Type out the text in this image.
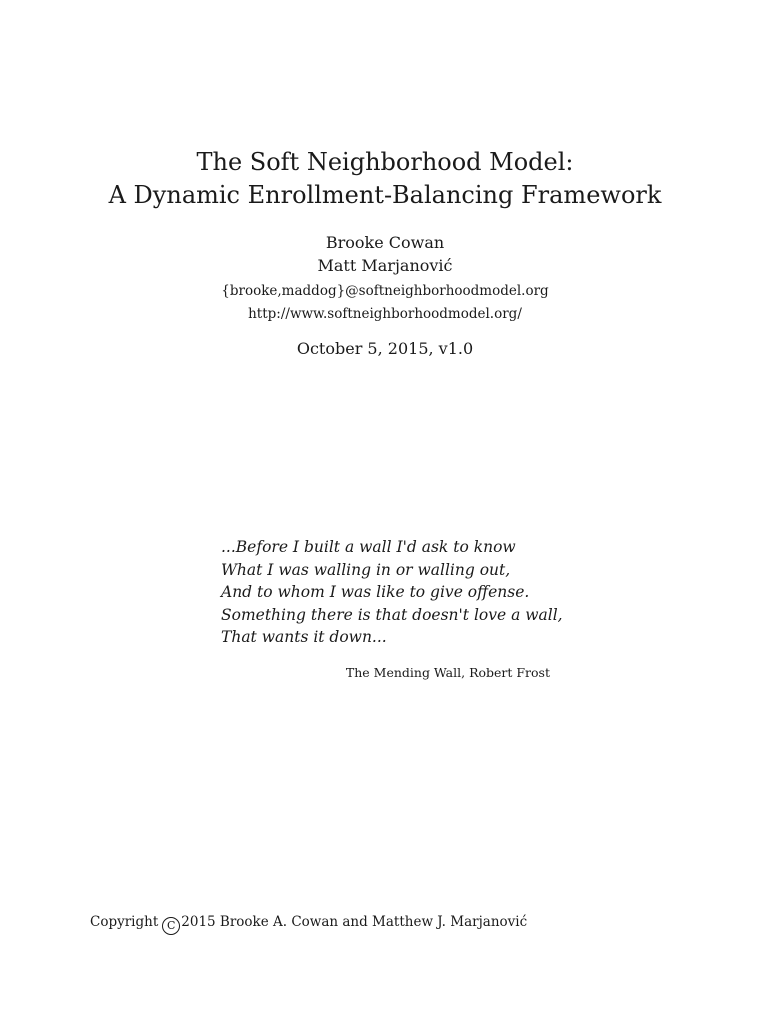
The Soft Neighborhood Model:
A Dynamic Enrollment-Balancing Framework
Brooke Cowan
Matt Marjanović
{brooke,maddog}@softneighborhoodmodel.org
http://www.softneighborhoodmodel.org/
October 5, 2015, v1.0
...Before I built a wall I'd ask to know
What I was walling in or walling out,
And to whom I was like to give offense.
Something there is that doesn't love a wall,
That wants it down...
The Mending Wall, Robert Frost
Copyright C 2015 Brooke A. Cowan and Matthew J. Marjanović
